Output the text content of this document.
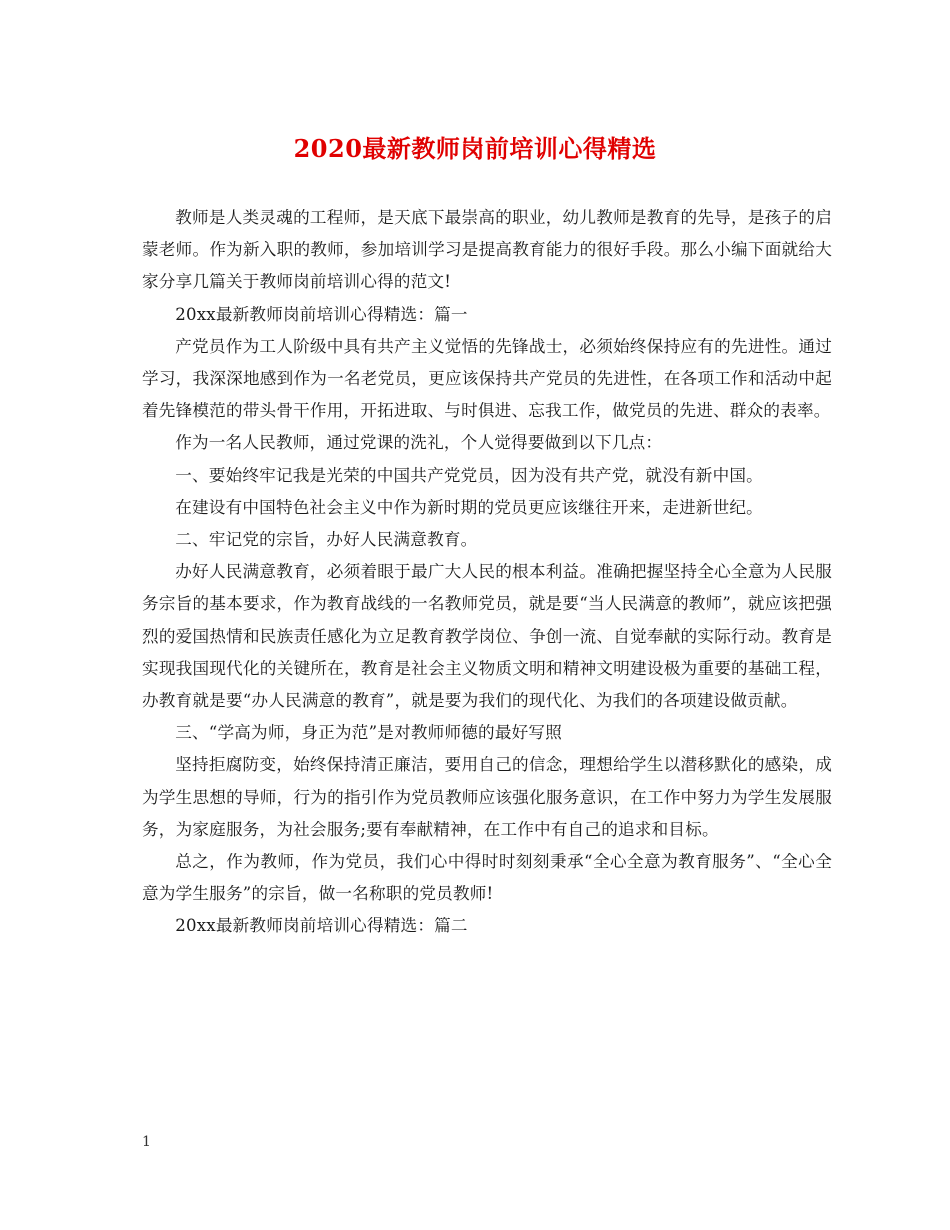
2020最新教师岗前培训心得精选

教师是人类灵魂的工程师，是天底下最崇高的职业，幼儿教师是教育的先导，是孩子的启蒙老师。作为新入职的教师，参加培训学习是提高教育能力的很好手段。那么小编下面就给大家分享几篇关于教师岗前培训心得的范文!

20xx最新教师岗前培训心得精选：篇一

产党员作为工人阶级中具有共产主义觉悟的先锋战士，必须始终保持应有的先进性。通过学习，我深深地感到作为一名老党员，更应该保持共产党员的先进性，在各项工作和活动中起着先锋模范的带头骨干作用，开拓进取、与时俱进、忘我工作，做党员的先进、群众的表率。

作为一名人民教师，通过党课的洗礼，个人觉得要做到以下几点：

一、要始终牢记我是光荣的中国共产党党员，因为没有共产党，就没有新中国。

在建设有中国特色社会主义中作为新时期的党员更应该继往开来，走进新世纪。

二、牢记党的宗旨，办好人民满意教育。

办好人民满意教育，必须着眼于最广大人民的根本利益。准确把握坚持全心全意为人民服务宗旨的基本要求，作为教育战线的一名教师党员，就是要“当人民满意的教师”，就应该把强烈的爱国热情和民族责任感化为立足教育教学岗位、争创一流、自觉奉献的实际行动。教育是实现我国现代化的关键所在，教育是社会主义物质文明和精神文明建设极为重要的基础工程，办教育就是要“办人民满意的教育”，就是要为我们的现代化、为我们的各项建设做贡献。

三、“学高为师，身正为范”是对教师师德的最好写照

坚持拒腐防变，始终保持清正廉洁，要用自己的信念，理想给学生以潜移默化的感染，成为学生思想的导师，行为的指引作为党员教师应该强化服务意识，在工作中努力为学生发展服务，为家庭服务，为社会服务;要有奉献精神，在工作中有自己的追求和目标。

总之，作为教师，作为党员，我们心中得时时刻刻秉承“全心全意为教育服务”、“全心全意为学生服务”的宗旨，做一名称职的党员教师!

20xx最新教师岗前培训心得精选：篇二

1
